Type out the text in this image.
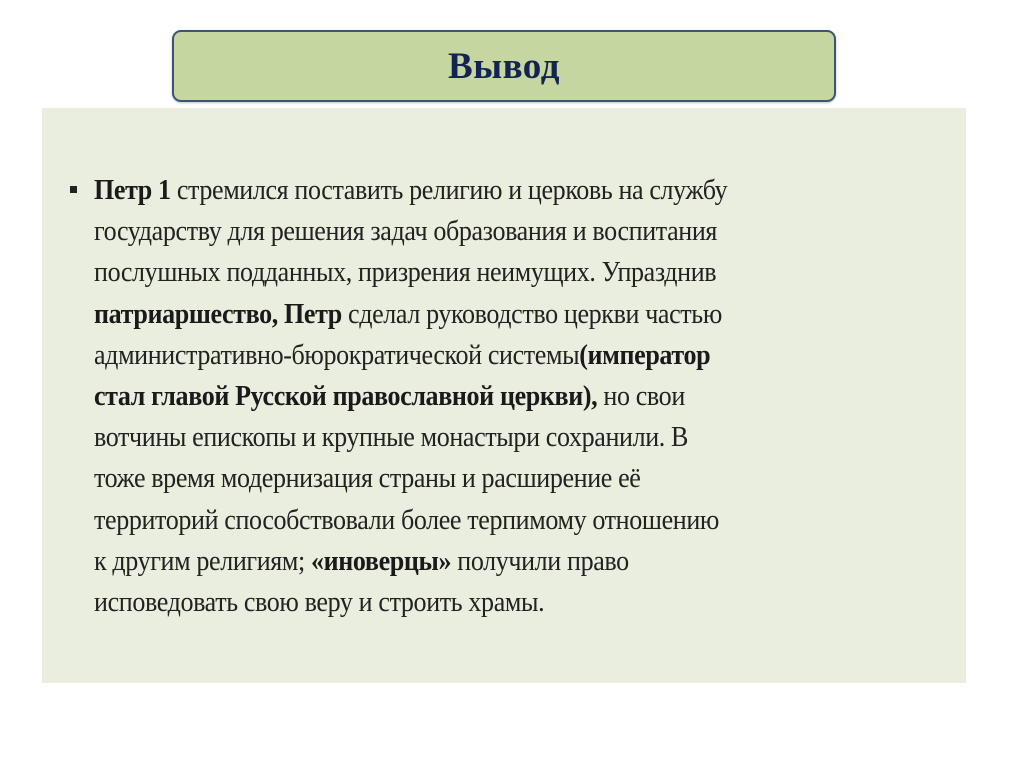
Вывод
Петр 1 стремился поставить религию и церковь на службу
государству для решения задач образования и воспитания
послушных подданных, призрения неимущих. Упразднив
патриаршество, Петр сделал руководство церкви частью
административно-бюрократической системы(император
стал главой Русской православной церкви), но свои
вотчины епископы и крупные монастыри сохранили. В
тоже время модернизация страны и расширение её
территорий способствовали более терпимому отношению
к другим религиям; «иноверцы» получили право
исповедовать свою веру и строить храмы.
